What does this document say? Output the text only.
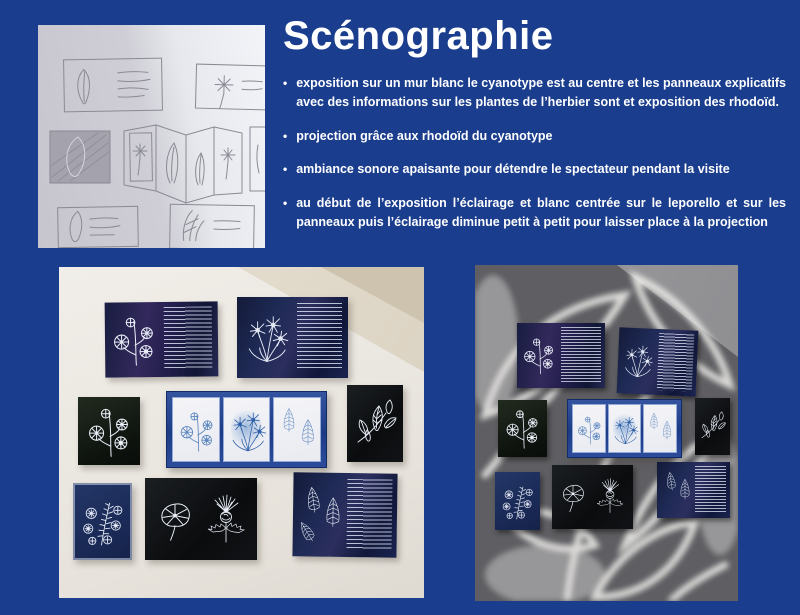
Scénographie
• exposition sur un mur blanc le cyanotype est au centre et les panneaux explicatifs avec des informations sur les plantes de l’herbier sont et exposition des rhodoïd.
• projection grâce aux rhodoïd du cyanotype
• ambiance sonore apaisante pour détendre le spectateur pendant la visite
• au début de l’exposition l’éclairage et blanc centrée sur le leporello et sur les panneaux puis l’éclairage diminue petit à petit pour laisser place à la projection
